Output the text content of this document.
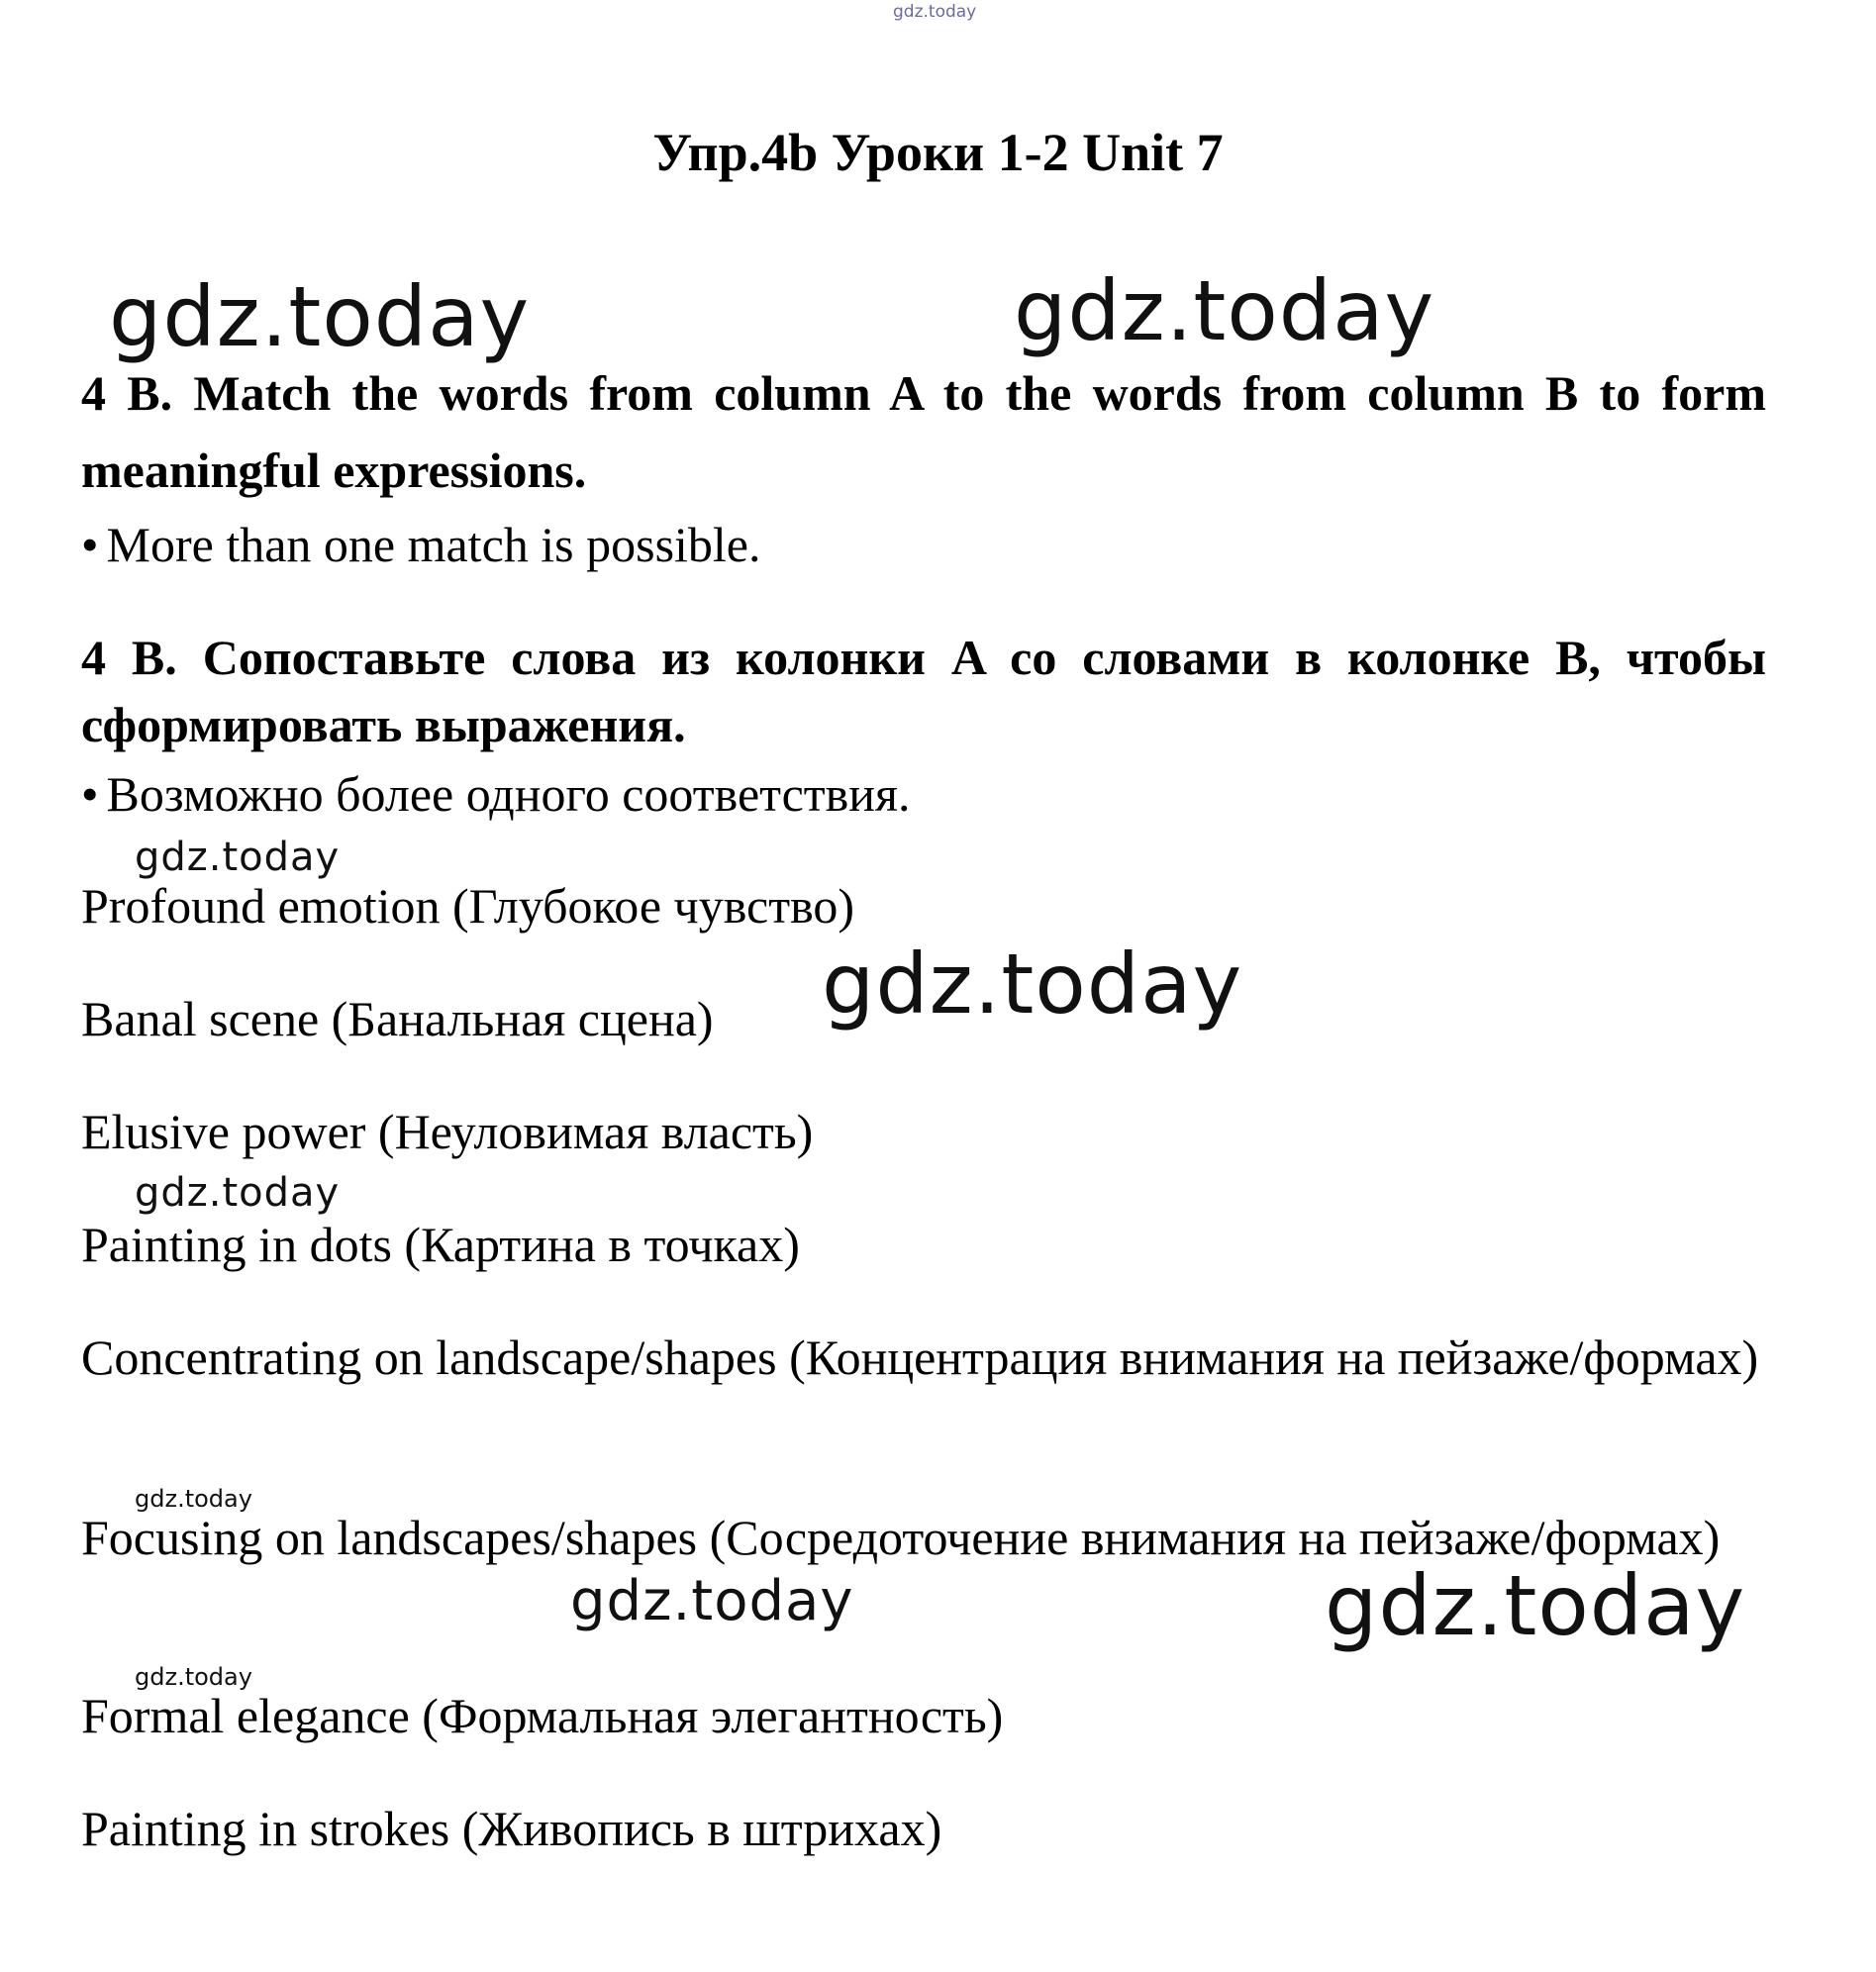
gdz.today
gdz.today	gdz.today
gdz.today
gdz.today
gdz.today
gdz.today
gdz.today	gdz.today
gdz.today
Упр.4b Уроки 1-2 Unit 7
4 B. Match the words from column A to the words from column B to form meaningful expressions.
• More than one match is possible.
4 B. Сопоставьте слова из колонки A со словами в колонке B, чтобы сформировать выражения.
• Возможно более одного соответствия.
Profound emotion (Глубокое чувство)
Banal scene (Банальная сцена)
Elusive power (Неуловимая власть)
Painting in dots (Картина в точках)
Concentrating on landscape/shapes (Концентрация внимания на пейзаже/формах)
Focusing on landscapes/shapes (Сосредоточение внимания на пейзаже/формах)
Formal elegance (Формальная элегантность)
Painting in strokes (Живопись в штрихах)
